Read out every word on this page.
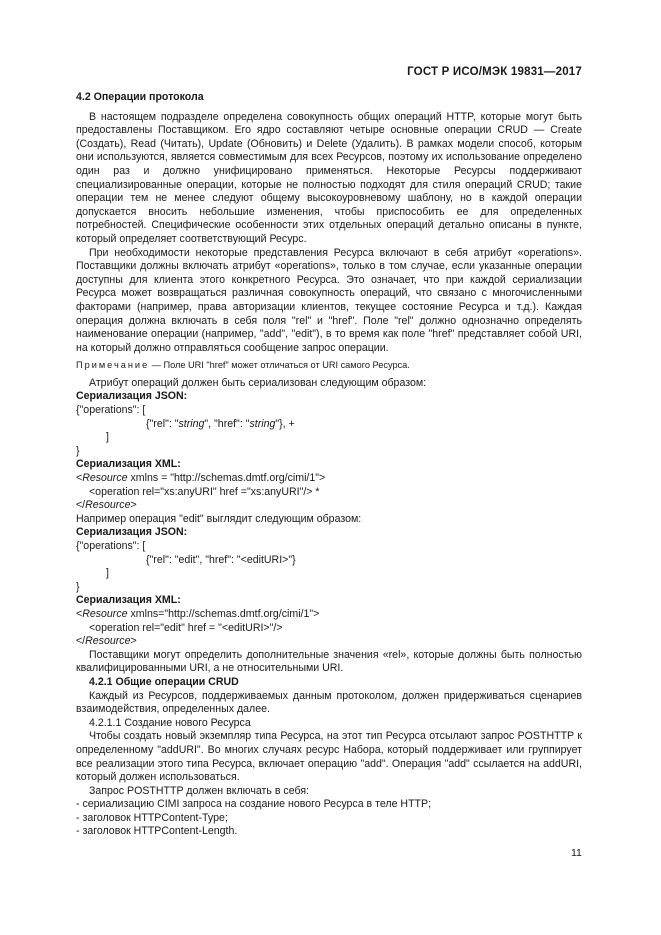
ГОСТ Р ИСО/МЭК 19831—2017

4.2 Операции протокола

В настоящем подразделе определена совокупность общих операций HTTP, которые могут быть предоставлены Поставщиком. Его ядро составляют четыре основные операции CRUD — Create (Создать), Read (Читать), Update (Обновить) и Delete (Удалить). В рамках модели способ, которым они используются, является совместимым для всех Ресурсов, поэтому их использование определено один раз и должно унифицировано применяться. Некоторые Ресурсы поддерживают специализированные операции, которые не полностью подходят для стиля операций CRUD; такие операции тем не менее следуют общему высокоуровневому шаблону, но в каждой операции допускается вносить небольшие изменения, чтобы приспособить ее для определенных потребностей. Специфические особенности этих отдельных операций детально описаны в пункте, который определяет соответствующий Ресурс.

При необходимости некоторые представления Ресурса включают в себя атрибут «operations». Поставщики должны включать атрибут «operations», только в том случае, если указанные операции доступны для клиента этого конкретного Ресурса. Это означает, что при каждой сериализации Ресурса может возвращаться различная совокупность операций, что связано с многочисленными факторами (например, права авторизации клиентов, текущее состояние Ресурса и т.д.). Каждая операция должна включать в себя поля "rel" и "href". Поле "rel" должно однозначно определять наименование операции (например, "add", "edit"), в то время как поле "href" представляет собой URI, на который должно отправляться сообщение запрос операции.

Примечание — Поле URI "href" может отличаться от URI самого Ресурса.

Атрибут операций должен быть сериализован следующим образом:

Сериализация JSON:

{"operations": [

{"rel": "string", "href": "string"}, +

]

}

Сериализация XML:

<Resource xmlns = "http://schemas.dmtf.org/cimi/1">

<operation rel="xs:anyURI" href ="xs:anyURI"/> *

</Resource>

Например операция "edit" выглядит следующим образом:

Сериализация JSON:

{"operations": [

{"rel": "edit", "href": "<editURI>"}

]

}

Сериализация XML:

<Resource xmlns="http://schemas.dmtf.org/cimi/1">

<operation rel="edit" href = "<editURI>"/>

</Resource>

Поставщики могут определить дополнительные значения «rel», которые должны быть полностью квалифицированными URI, а не относительными URI.

4.2.1 Общие операции CRUD

Каждый из Ресурсов, поддерживаемых данным протоколом, должен придерживаться сценариев взаимодействия, определенных далее.

4.2.1.1 Создание нового Ресурса

Чтобы создать новый экземпляр типа Ресурса, на этот тип Ресурса отсылают запрос POSTHTTP к определенному "addURI". Во многих случаях ресурс Набора, который поддерживает или группирует все реализации этого типа Ресурса, включает операцию "add". Операция "add" ссылается на addURI, который должен использоваться.

Запрос POSTHTTP должен включать в себя:

- сериализацию CIMI запроса на создание нового Ресурса в теле HTTP;

- заголовок HTTPContent-Type;

- заголовок HTTPContent-Length.

11
